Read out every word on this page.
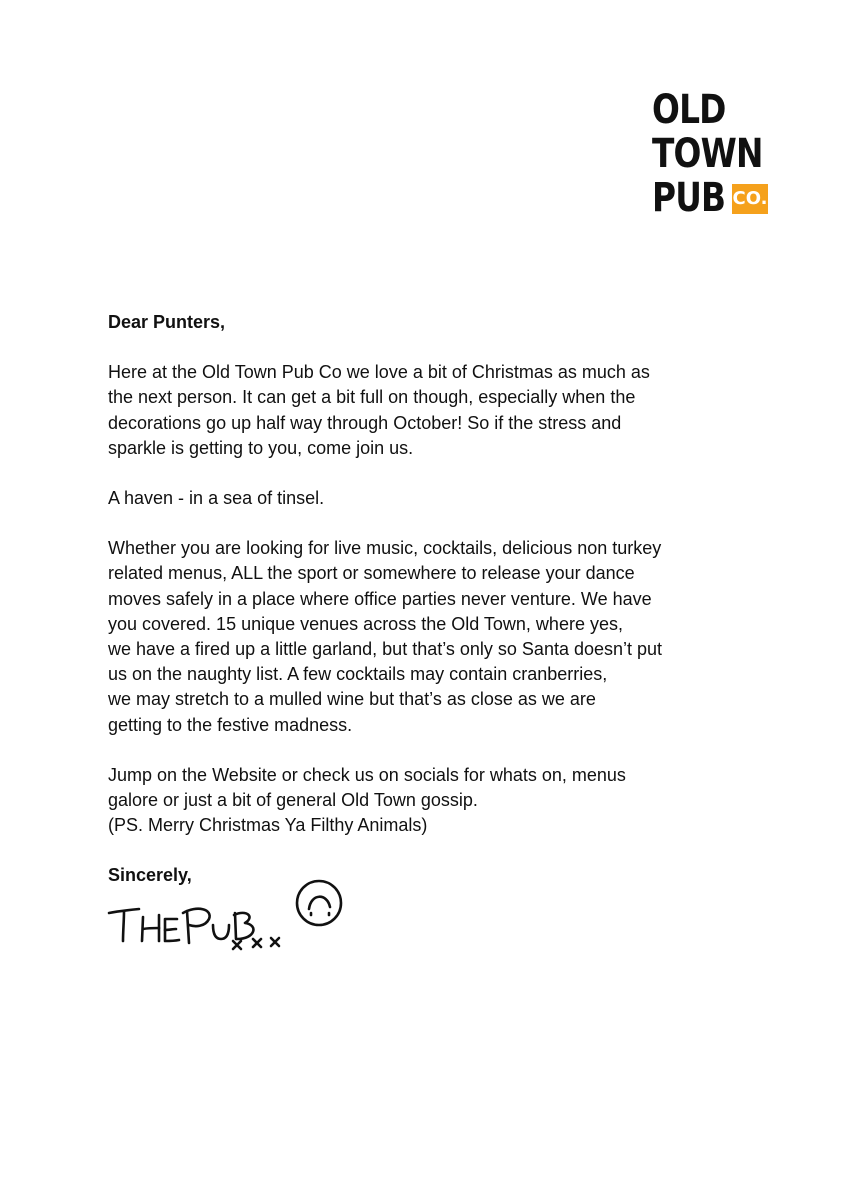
OLD
TOWN
PUB CO.

Dear Punters,

Here at the Old Town Pub Co we love a bit of Christmas as much as
the next person. It can get a bit full on though, especially when the
decorations go up half way through October! So if the stress and
sparkle is getting to you, come join us.

A haven - in a sea of tinsel.

Whether you are looking for live music, cocktails, delicious non turkey
related menus, ALL the sport or somewhere to release your dance
moves safely in a place where office parties never venture. We have
you covered. 15 unique venues across the Old Town, where yes,
we have a fired up a little garland, but that’s only so Santa doesn’t put
us on the naughty list. A few cocktails may contain cranberries,
we may stretch to a mulled wine but that’s as close as we are
getting to the festive madness.

Jump on the Website or check us on socials for whats on, menus
galore or just a bit of general Old Town gossip.
(PS. Merry Christmas Ya Filthy Animals)

Sincerely,
